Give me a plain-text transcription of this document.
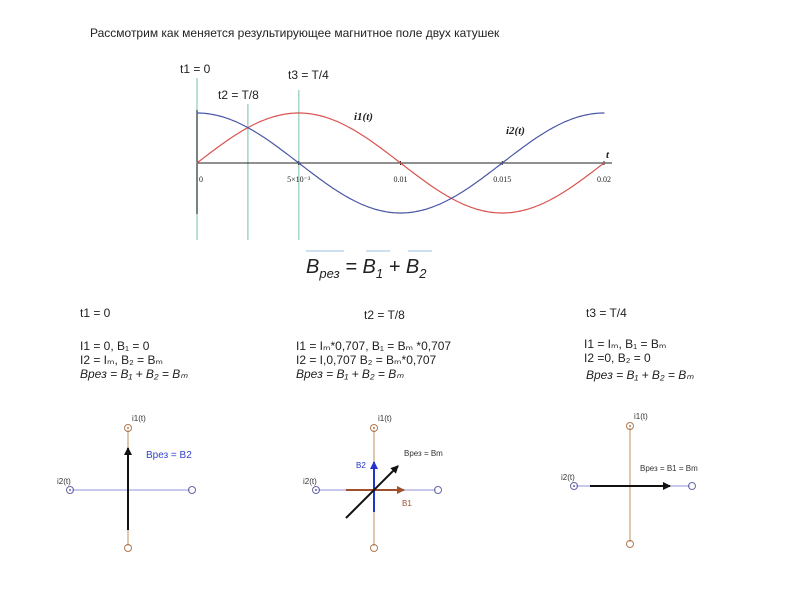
Рассмотрим как меняется результирующее магнитное поле двух катушек
t1 = 0
t2 = T/8
t3 = T/4
t
0	5×10⁻³	0.01	0.015	0.02
i1(t)
i2(t)
$B_{рез} = B_1 + B_2$
t1 = 0
I1 = 0, B₁ = 0
I2 = Iₘ, B₂ = Bₘ
Bрез = B₁ + B₂ = Bₘ
t2 = T/8
I1 = Iₘ*0,707, B₁ = Bₘ *0,707
I2 = I,0,707 B₂ = Bₘ*0,707
Bрез = B₁ + B₂ = Bₘ
t3 = T/4
I1 = Iₘ, B₁ = Bₘ
I2 =0, B₂ = 0
Bрез = B₁ + B₂ = Bₘ
i1(t)
i2(t)
Врез = В2
i1(t)
i2(t)
Bрез = Bm
B2
B1
i1(t)
i2(t)
Врез = В1 = Вm
